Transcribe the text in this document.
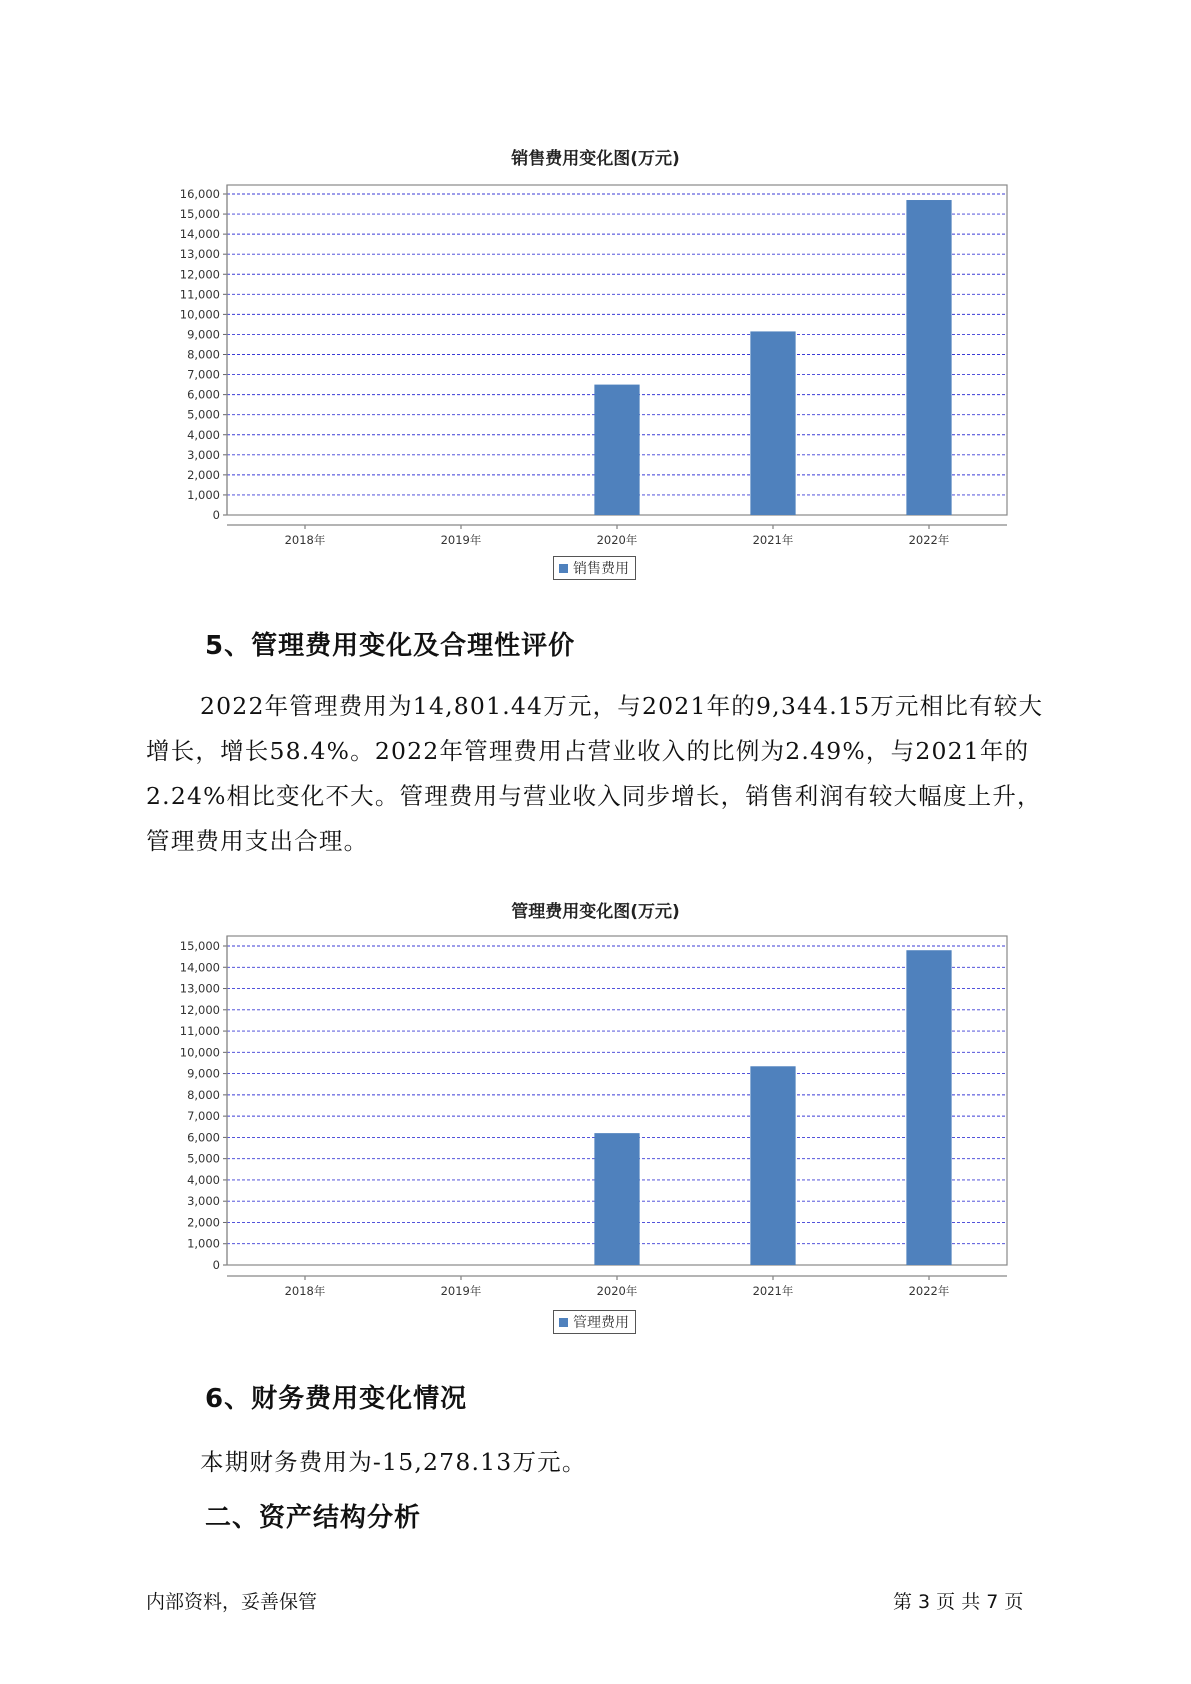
销售费用变化图(万元)
0
1,000
2,000
3,000
4,000
5,000
6,000
7,000
8,000
9,000
10,000
11,000
12,000
13,000
14,000
15,000
16,000
2018年	2019年	2020年	2021年	2022年
销售费用
5、管理费用变化及合理性评价

2022年管理费用为14,801.44万元，与2021年的9,344.15万元相比有较大增长，增长58.4%。2022年管理费用占营业收入的比例为2.49%，与2021年的2.24%相比变化不大。管理费用与营业收入同步增长，销售利润有较大幅度上升，管理费用支出合理。

管理费用变化图(万元)
0
1,000
2,000
3,000
4,000
5,000
6,000
7,000
8,000
9,000
10,000
11,000
12,000
13,000
14,000
15,000
2018年	2019年	2020年	2021年	2022年
管理费用
6、财务费用变化情况

本期财务费用为-15,278.13万元。

二、资产结构分析
内部资料，妥善保管	第 3 页 共 7 页
